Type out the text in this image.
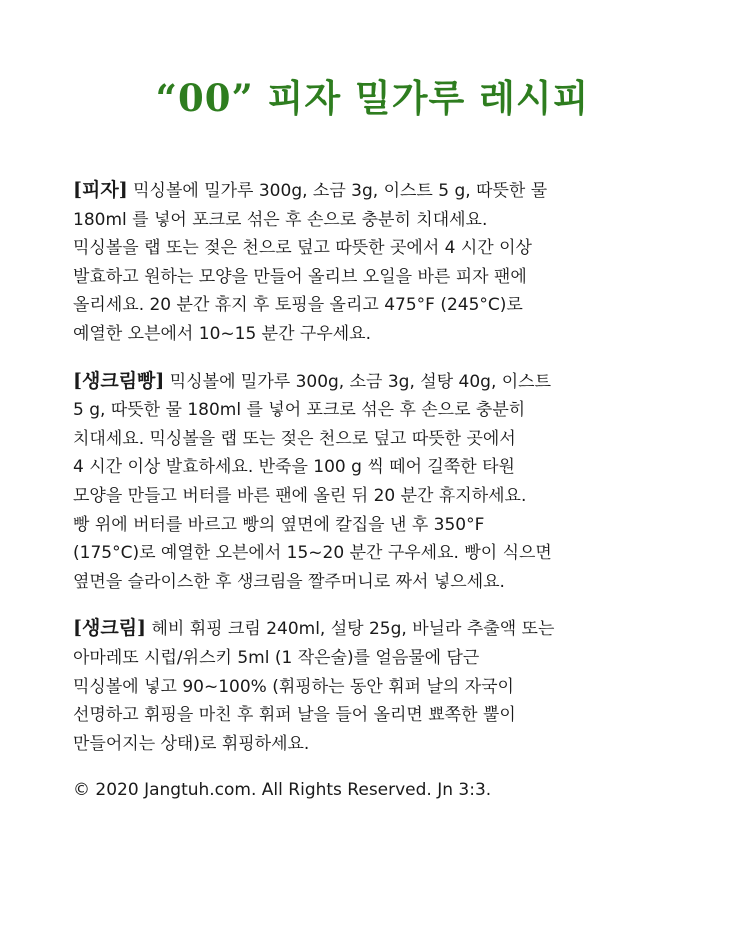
“00” 피자 밀가루 레시피
[피자] 믹싱볼에 밀가루 300g, 소금 3g, 이스트 5 g, 따뜻한 물
180ml 를 넣어 포크로 섞은 후 손으로 충분히 치대세요.
믹싱볼을 랩 또는 젖은 천으로 덮고 따뜻한 곳에서 4 시간 이상
발효하고 원하는 모양을 만들어 올리브 오일을 바른 피자 팬에
올리세요. 20 분간 휴지 후 토핑을 올리고 475°F (245°C)로
예열한 오븐에서 10~15 분간 구우세요.
[생크림빵] 믹싱볼에 밀가루 300g, 소금 3g, 설탕 40g, 이스트
5 g, 따뜻한 물 180ml 를 넣어 포크로 섞은 후 손으로 충분히
치대세요. 믹싱볼을 랩 또는 젖은 천으로 덮고 따뜻한 곳에서
4 시간 이상 발효하세요. 반죽을 100 g 씩 떼어 길쭉한 타원
모양을 만들고 버터를 바른 팬에 올린 뒤 20 분간 휴지하세요.
빵 위에 버터를 바르고 빵의 옆면에 칼집을 낸 후 350°F
(175°C)로 예열한 오븐에서 15~20 분간 구우세요. 빵이 식으면
옆면을 슬라이스한 후 생크림을 짤주머니로 짜서 넣으세요.
[생크림] 헤비 휘핑 크림 240ml, 설탕 25g, 바닐라 추출액 또는
아마레또 시럽/위스키 5ml (1 작은술)를 얼음물에 담근
믹싱볼에 넣고 90~100% (휘핑하는 동안 휘퍼 날의 자국이
선명하고 휘핑을 마친 후 휘퍼 날을 들어 올리면 뾰쪽한 뿔이
만들어지는 상태)로 휘핑하세요.
© 2020 Jangtuh.com. All Rights Reserved. Jn 3:3.
